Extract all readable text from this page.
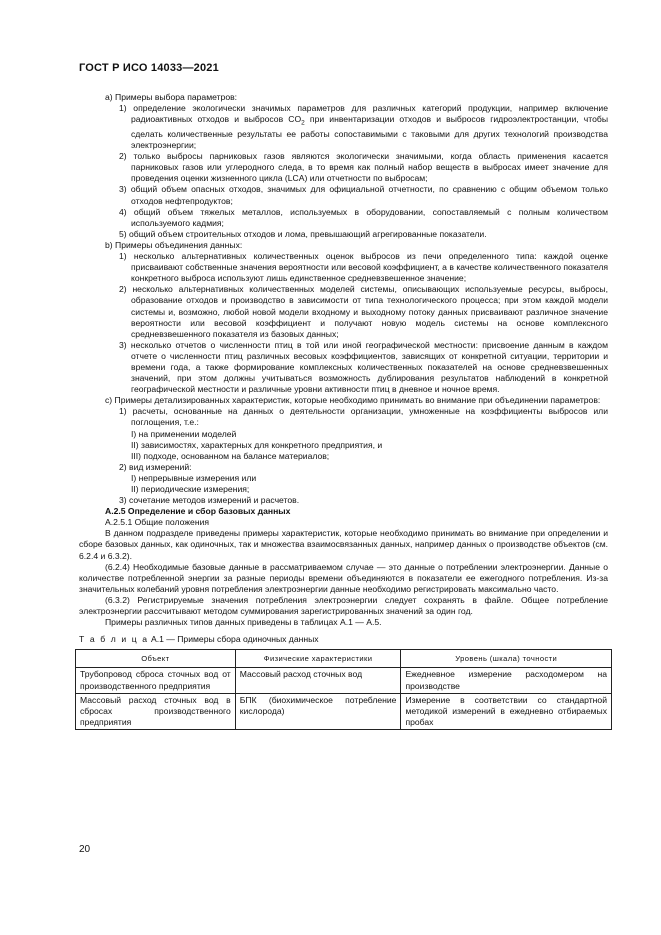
ГОСТ Р ИСО 14033—2021

a) Примеры выбора параметров:

1) определение экологически значимых параметров для различных категорий продукции, например включение радиоактивных отходов и выбросов $CO_2$ при инвентаризации отходов и выбросов гидроэлектростанции, чтобы сделать количественные результаты ее работы сопоставимыми с таковыми для других технологий производства электроэнергии;

2) только выбросы парниковых газов являются экологически значимыми, когда область применения касается парниковых газов или углеродного следа, в то время как полный набор веществ в выбросах имеет значение для проведения оценки жизненного цикла (LCA) или отчетности по выбросам;

3) общий объем опасных отходов, значимых для официальной отчетности, по сравнению с общим объемом только отходов нефтепродуктов;

4) общий объем тяжелых металлов, используемых в оборудовании, сопоставляемый с полным количеством используемого кадмия;

5) общий объем строительных отходов и лома, превышающий агрегированные показатели.

b) Примеры объединения данных:

1) несколько альтернативных количественных оценок выбросов из печи определенного типа: каждой оценке присваивают собственные значения вероятности или весовой коэффициент, а в качестве количественного показателя конкретного выброса используют лишь единственное средневзвешенное значение;

2) несколько альтернативных количественных моделей системы, описывающих используемые ресурсы, выбросы, образование отходов и производство в зависимости от типа технологического процесса; при этом каждой модели системы и, возможно, любой новой модели входному и выходному потоку данных присваивают различное значение вероятности или весовой коэффициент и получают новую модель системы на основе комплексного средневзвешенного показателя из базовых данных;

3) несколько отчетов о численности птиц в той или иной географической местности: присвоение данным в каждом отчете о численности птиц различных весовых коэффициентов, зависящих от конкретной ситуации, территории и времени года, а также формирование комплексных количественных показателей на основе средневзвешенных значений, при этом должны учитываться возможность дублирования результатов наблюдений в конкретной географической местности и различные уровни активности птиц в дневное и ночное время.

c) Примеры детализированных характеристик, которые необходимо принимать во внимание при объединении параметров:

1) расчеты, основанные на данных о деятельности организации, умноженные на коэффициенты выбросов или поглощения, т.е.:

I) на применении моделей

II) зависимостях, характерных для конкретного предприятия, и

III) подходе, основанном на балансе материалов;

2) вид измерений:

I) непрерывные измерения или

II) периодические измерения;

3) сочетание методов измерений и расчетов.

А.2.5 Определение и сбор базовых данных

А.2.5.1 Общие положения

В данном подразделе приведены примеры характеристик, которые необходимо принимать во внимание при определении и сборе базовых данных, как одиночных, так и множества взаимосвязанных данных, например данных о производстве объектов (см. 6.2.4 и 6.3.2).

(6.2.4) Необходимые базовые данные в рассматриваемом случае — это данные о потреблении электроэнергии. Данные о количестве потребленной энергии за разные периоды времени объединяются в показатели ее ежегодного потребления. Из-за значительных колебаний уровня потребления электроэнергии данные необходимо регистрировать максимально часто.

(6.3.2) Регистрируемые значения потребления электроэнергии следует сохранять в файле. Общее потребление электроэнергии рассчитывают методом суммирования зарегистрированных значений за один год.

Примеры различных типов данных приведены в таблицах А.1 — А.5.

Т а б л и ц а А.1 — Примеры сбора одиночных данных

Объект	Физические характеристики	Уровень (шкала) точности
Трубопровод сброса сточных вод от производственного предприятия	Массовый расход сточных вод	Ежедневное измерение расходомером на производстве
Массовый расход сточных вод в сбросах производственного предприятия	БПК (биохимическое потребление кислорода)	Измерение в соответствии со стандартной методикой измерений в ежедневно отбираемых пробах
20
